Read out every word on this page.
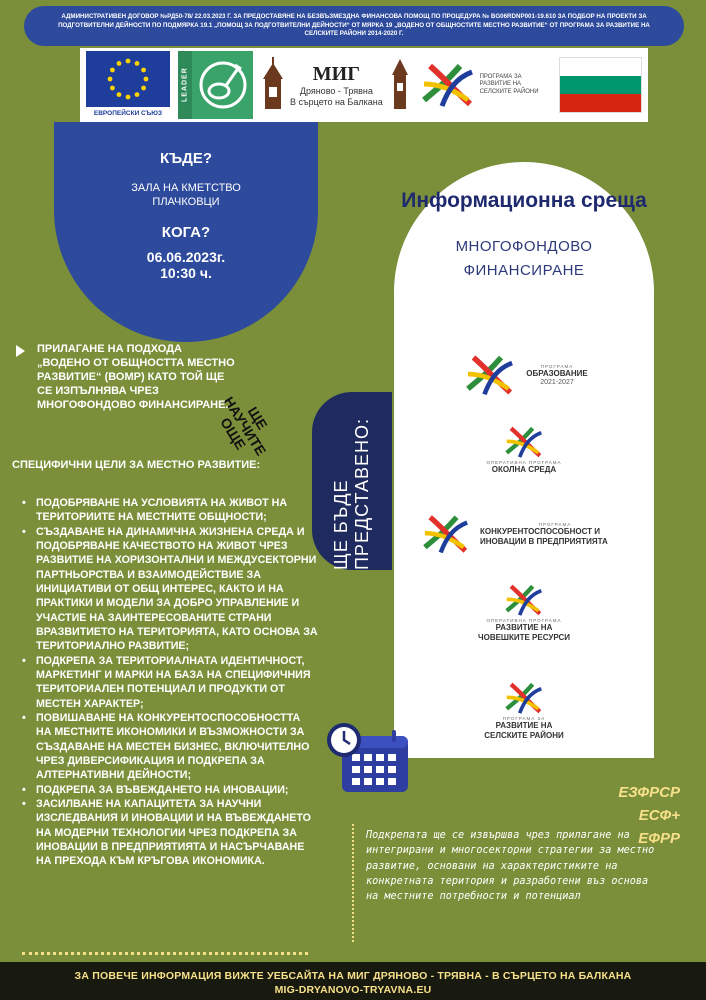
АДМИНИСТРАТИВЕН ДОГОВОР №РД50-78/ 22.03.2023 Г. ЗА ПРЕДОСТАВЯНЕ НА БЕЗВЪЗМЕЗДНА ФИНАНСОВА ПОМОЩ ПО ПРОЦЕДУРА № BG06RDNP001-19.610 ЗА ПОДБОР НА ПРОЕКТИ ЗА ПОДГОТВИТЕЛНИ ДЕЙНОСТИ ПО ПОДМЯРКА 19.1 „ПОМОЩ ЗА ПОДГОТВИТЕЛНИ ДЕЙНОСТИ“ ОТ МЯРКА 19 „ВОДЕНО ОТ ОБЩНОСТИТЕ МЕСТНО РАЗВИТИЕ“ ОТ ПРОГРАМА ЗА РАЗВИТИЕ НА СЕЛСКИТЕ РАЙОНИ 2014-2020 Г.
ЕВРОПЕЙСКИ СЪЮЗ
LEADER	МИГ
Дряново - Трявна
В сърцето на Балкана
ПРОГРАМА ЗА
РАЗВИТИЕ НА
СЕЛСКИТЕ РАЙОНИ
КЪДЕ?
ЗАЛА НА КМЕТСТВО ПЛАЧКОВЦИ
КОГА?
06.06.2023г.
10:30 ч.
Информационна среща
МНОГОФОНДОВО ФИНАНСИРАНЕ
ПРОГРАМА
ОБРАЗОВАНИЕ
2021-2027
ОПЕРАТИВНА ПРОГРАМА
ОКОЛНА СРЕДА
ПРОГРАМА
КОНКУРЕНТОСПОСОБНОСТ И ИНОВАЦИИ В ПРЕДПРИЯТИЯТА
ОПЕРАТИВНА ПРОГРАМА
РАЗВИТИЕ НА
ЧОВЕШКИТЕ РЕСУРСИ
ПРОГРАМА ЗА
РАЗВИТИЕ НА
СЕЛСКИТЕ РАЙОНИ
ЩЕ БЪДЕ ПРЕДСТАВЕНО:
ЩЕ НАУЧИТЕ ОЩЕ
ПРИЛАГАНЕ НА ПОДХОДА „ВОДЕНО ОТ ОБЩНОСТТА МЕСТНО РАЗВИТИЕ“ (ВОМР) КАТО ТОЙ ЩЕ СЕ ИЗПЪЛНЯВА ЧРЕЗ МНОГОФОНДОВО ФИНАНСИРАНЕ.
СПЕЦИФИЧНИ ЦЕЛИ ЗА МЕСТНО РАЗВИТИЕ:
• ПОДОБРЯВАНЕ НА УСЛОВИЯТА НА ЖИВОТ НА ТЕРИТОРИИТЕ НА МЕСТНИТЕ ОБЩНОСТИ;
• СЪЗДАВАНЕ НА ДИНАМИЧНА ЖИЗНЕНА СРЕДА И ПОДОБРЯВАНЕ КАЧЕСТВОТО НА ЖИВОТ ЧРЕЗ РАЗВИТИЕ НА ХОРИЗОНТАЛНИ И МЕЖДУСЕКТОРНИ ПАРТНЬОРСТВА И ВЗАИМОДЕЙСТВИЕ ЗА ИНИЦИАТИВИ ОТ ОБЩ ИНТЕРЕС, КАКТО И НА ПРАКТИКИ И МОДЕЛИ ЗА ДОБРО УПРАВЛЕНИЕ И УЧАСТИЕ НА ЗАИНТЕРЕСОВАНИТЕ СТРАНИ ВРАЗВИТИЕТО НА ТЕРИТОРИЯТА, КАТО ОСНОВА ЗА ТЕРИТОРИАЛНО РАЗВИТИЕ;
• ПОДКРЕПА ЗА ТЕРИТОРИАЛНАТА ИДЕНТИЧНОСТ, МАРКЕТИНГ И МАРКИ НА БАЗА НА СПЕЦИФИЧНИЯ ТЕРИТОРИАЛЕН ПОТЕНЦИАЛ И ПРОДУКТИ ОТ МЕСТЕН ХАРАКТЕР;
• ПОВИШАВАНЕ НА КОНКУРЕНТОСПОСОБНОСТТА НА МЕСТНИТЕ ИКОНОМИКИ И ВЪЗМОЖНОСТИ ЗА СЪЗДАВАНЕ НА МЕСТЕН БИЗНЕС, ВКЛЮЧИТЕЛНО ЧРЕЗ ДИВЕРСИФИКАЦИЯ И ПОДКРЕПА ЗА АЛТЕРНАТИВНИ ДЕЙНОСТИ;
• ПОДКРЕПА ЗА ВЪВЕЖДАНЕТО НА ИНОВАЦИИ;
• ЗАСИЛВАНЕ НА КАПАЦИТЕТА ЗА НАУЧНИ ИЗСЛЕДВАНИЯ И ИНОВАЦИИ И НА ВЪВЕЖДАНЕТО НА МОДЕРНИ ТЕХНОЛОГИИ ЧРЕЗ ПОДКРЕПА ЗА ИНОВАЦИИ В ПРЕДПРИЯТИЯТА И НАСЪРЧАВАНЕ НА ПРЕХОДА КЪМ КРЪГОВА ИКОНОМИКА.
ЕЗФРСР
ЕСФ+
ЕФРР
Подкрепата ще се извършва чрез прилагане на интегрирани и многосекторни стратегии за местно развитие, основани на характеристиките на конкретната територия и разработени въз основа на местните потребности и потенциал
ЗА ПОВЕЧЕ ИНФОРМАЦИЯ ВИЖТЕ УЕБСАЙТА НА МИГ ДРЯНОВО - ТРЯВНА - В СЪРЦЕТО НА БАЛКАНА
MIG-DRYANOVO-TRYAVNA.EU
